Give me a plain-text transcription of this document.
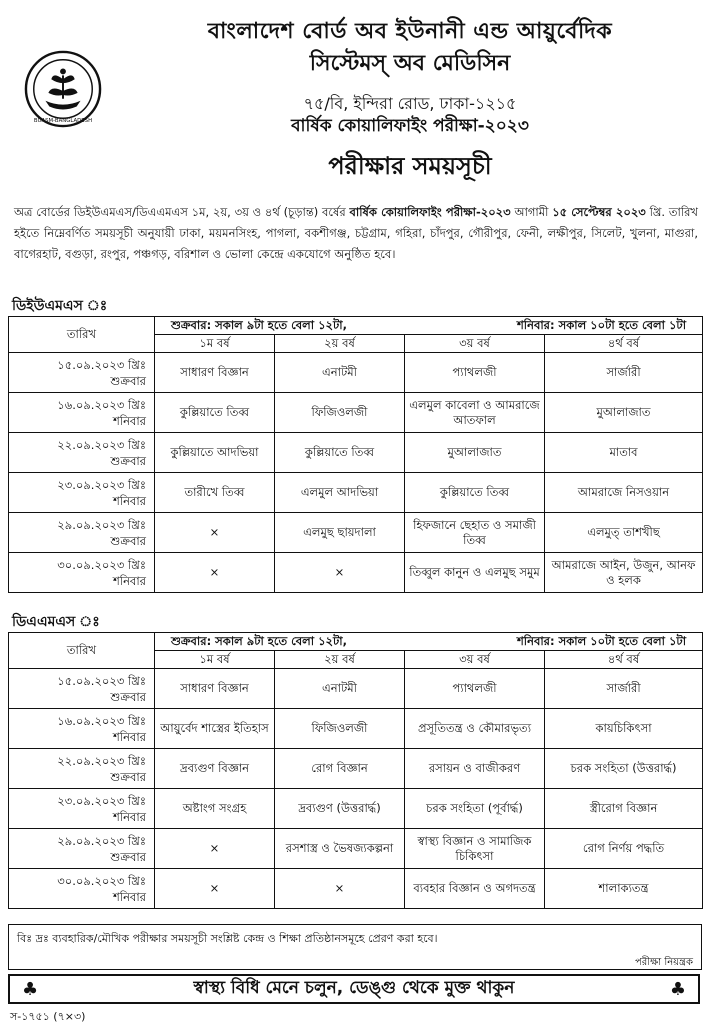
BUASM-BANGLADESH
বাংলাদেশ বোর্ড অব ইউনানী এন্ড আয়ুর্বেদিক
সিস্টেমস্ অব মেডিসিন
৭৫/বি, ইন্দিরা রোড, ঢাকা-১২১৫
বার্ষিক কোয়ালিফাইং পরীক্ষা-২০২৩
পরীক্ষার সময়সূচী
অত্র বোর্ডের ডিইউএমএস/ডিএএমএস ১ম, ২য়, ৩য় ও ৪র্থ (চূড়ান্ত) বর্ষের বার্ষিক কোয়ালিফাইং পরীক্ষা-২০২৩ আগামী ১৫ সেপ্টেম্বর ২০২৩ খ্রি. তারিখ হইতে নিম্নেবর্ণিত সময়সূচী অনুযায়ী ঢাকা, ময়মনসিংহ, পাগলা, বকশীগঞ্জ, চট্টগ্রাম, গহিরা, চাঁদপুর, গৌরীপুর, ফেনী, লক্ষীপুর, সিলেট, খুলনা, মাগুরা, বাগেরহাট, বগুড়া, রংপুর, পঞ্চগড়, বরিশাল ও ভোলা কেন্দ্রে একযোগে অনুষ্ঠিত হবে।
ডিইউএমএস ঃ
তারিখ	শুক্রবার: সকাল ৯টা হতে বেলা ১২টা, শনিবার: সকাল ১০টা হতে বেলা ১টা			

	১ম বর্ষ	২য় বর্ষ	৩য় বর্ষ	৪র্থ বর্ষ

১৫.০৯.২০২৩ খ্রিঃ
শুক্রবার	সাধারণ বিজ্ঞান	এনাটমী	প্যাথলজী	সার্জারী

১৬.০৯.২০২৩ খ্রিঃ
শনিবার	কুল্লিয়াতে তিব্ব	ফিজিওলজী	এলমুল কাবেলা ও আমরাজে আতফাল	মুআলাজাত

২২.০৯.২০২৩ খ্রিঃ
শুক্রবার	কুল্লিয়াতে আদভিয়া	কুল্লিয়াতে তিব্ব	মুআলাজাত	মাতাব

২৩.০৯.২০২৩ খ্রিঃ
শনিবার	তারীখে তিব্ব	এলমুল আদভিয়া	কুল্লিয়াতে তিব্ব	আমরাজে নিসওয়ান

২৯.০৯.২০২৩ খ্রিঃ
শুক্রবার	×	এলমুছ ছায়দালা	হিফজানে ছেহাত ও সমাজী তিব্ব	এলমুত্ তাশখীছ

৩০.০৯.২০২৩ খ্রিঃ
শনিবার	×	×	তিব্বুল কানুন ও এলমুছ সমুম	আমরাজে আইন, উজুন, আনফ ও হলক
ডিএএমএস ঃ
তারিখ	শুক্রবার: সকাল ৯টা হতে বেলা ১২টা, শনিবার: সকাল ১০টা হতে বেলা ১টা			

	১ম বর্ষ	২য় বর্ষ	৩য় বর্ষ	৪র্থ বর্ষ

১৫.০৯.২০২৩ খ্রিঃ
শুক্রবার	সাধারণ বিজ্ঞান	এনাটমী	প্যাথলজী	সার্জারী

১৬.০৯.২০২৩ খ্রিঃ
শনিবার	আয়ুর্বেদ শাস্ত্রের ইতিহাস	ফিজিওলজী	প্রসূতিতন্ত্র ও কৌমারভৃত্য	কায়চিকিৎসা

২২.০৯.২০২৩ খ্রিঃ
শুক্রবার	দ্রব্যগুণ বিজ্ঞান	রোগ বিজ্ঞান	রসায়ন ও বাজীকরণ	চরক সংহিতা (উত্তরার্দ্ধ)

২৩.০৯.২০২৩ খ্রিঃ
শনিবার	অষ্টাংগ সংগ্রহ	দ্রব্যগুণ (উত্তরার্দ্ধ)	চরক সংহিতা (পূর্বার্দ্ধ)	স্ত্রীরোগ বিজ্ঞান

২৯.০৯.২০২৩ খ্রিঃ
শুক্রবার	×	রসশাস্ত্র ও ভৈষজ্যকল্পনা	স্বাস্থ্য বিজ্ঞান ও সামাজিক চিকিৎসা	রোগ নির্ণয় পদ্ধতি

৩০.০৯.২০২৩ খ্রিঃ
শনিবার	×	×	ব্যবহার বিজ্ঞান ও অগদতন্ত্র	শালাক্যতন্ত্র
বিঃ দ্রঃ ব্যবহারিক/মৌখিক পরীক্ষার সময়সূচী সংশ্লিষ্ট কেন্দ্র ও শিক্ষা প্রতিষ্ঠানসমূহে প্রেরণ করা হবে।
পরীক্ষা নিয়ন্ত্রক
♣	স্বাস্থ্য বিধি মেনে চলুন, ডেঙ্গু থেকে মুক্ত থাকুন	♣
স-১৭৫১ (৭×৩)
